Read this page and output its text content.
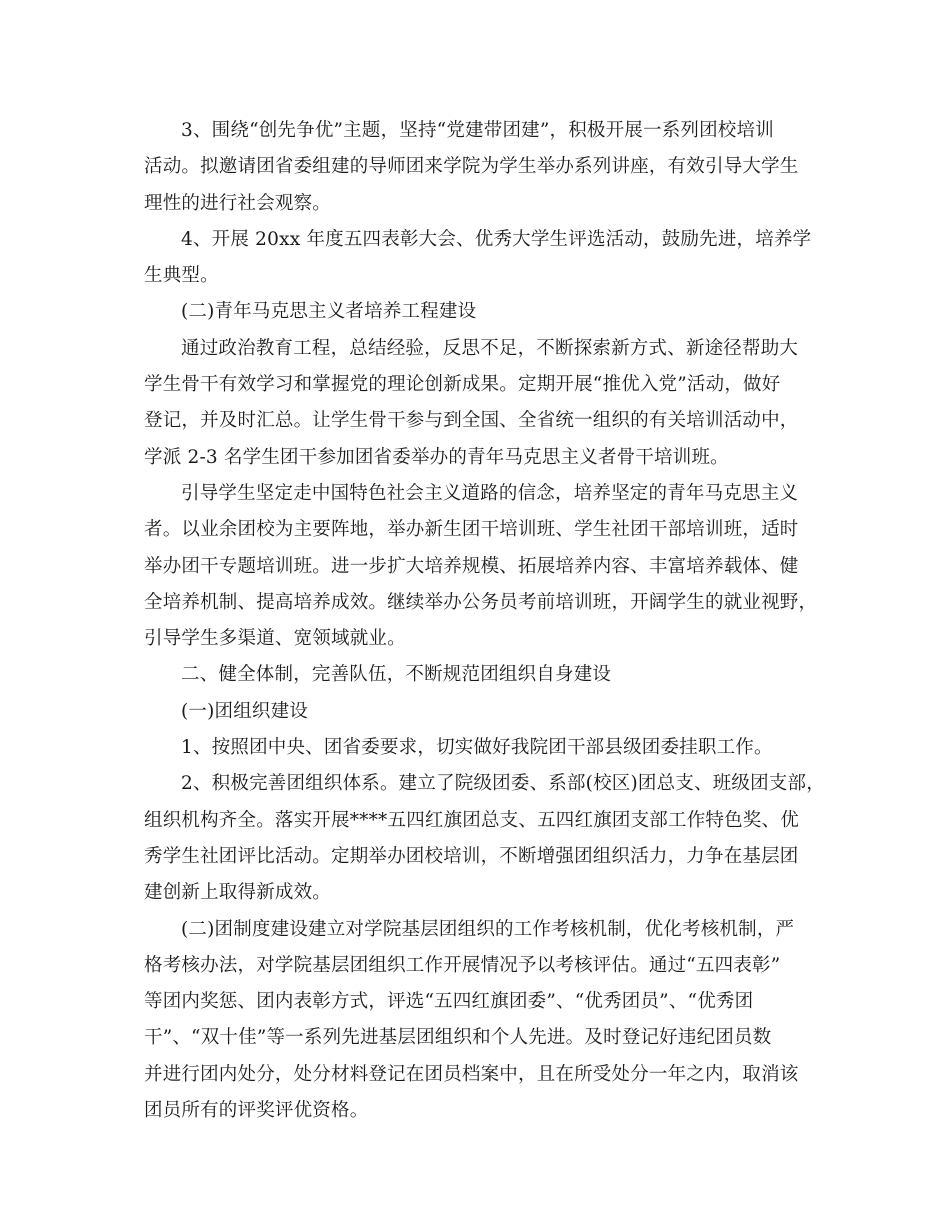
3、围绕“创先争优”主题，坚持“党建带团建”，积极开展一系列团校培训
活动。拟邀请团省委组建的导师团来学院为学生举办系列讲座，有效引导大学生
理性的进行社会观察。

4、开展 20xx 年度五四表彰大会、优秀大学生评选活动，鼓励先进，培养学
生典型。

(二)青年马克思主义者培养工程建设

通过政治教育工程，总结经验，反思不足，不断探索新方式、新途径帮助大
学生骨干有效学习和掌握党的理论创新成果。定期开展“推优入党”活动，做好
登记，并及时汇总。让学生骨干参与到全国、全省统一组织的有关培训活动中，
学派 2-3 名学生团干参加团省委举办的青年马克思主义者骨干培训班。

引导学生坚定走中国特色社会主义道路的信念，培养坚定的青年马克思主义
者。以业余团校为主要阵地，举办新生团干培训班、学生社团干部培训班，适时
举办团干专题培训班。进一步扩大培养规模、拓展培养内容、丰富培养载体、健
全培养机制、提高培养成效。继续举办公务员考前培训班，开阔学生的就业视野，
引导学生多渠道、宽领域就业。

二、健全体制，完善队伍，不断规范团组织自身建设

(一)团组织建设

1、按照团中央、团省委要求，切实做好我院团干部县级团委挂职工作。

2、积极完善团组织体系。建立了院级团委、系部(校区)团总支、班级团支部，
组织机构齐全。落实开展****五四红旗团总支、五四红旗团支部工作特色奖、优
秀学生社团评比活动。定期举办团校培训，不断增强团组织活力，力争在基层团
建创新上取得新成效。

(二)团制度建设建立对学院基层团组织的工作考核机制，优化考核机制，严
格考核办法，对学院基层团组织工作开展情况予以考核评估。通过“五四表彰”
等团内奖惩、团内表彰方式，评选“五四红旗团委”、“优秀团员”、“优秀团
干”、“双十佳”等一系列先进基层团组织和个人先进。及时登记好违纪团员数
并进行团内处分，处分材料登记在团员档案中，且在所受处分一年之内，取消该
团员所有的评奖评优资格。
